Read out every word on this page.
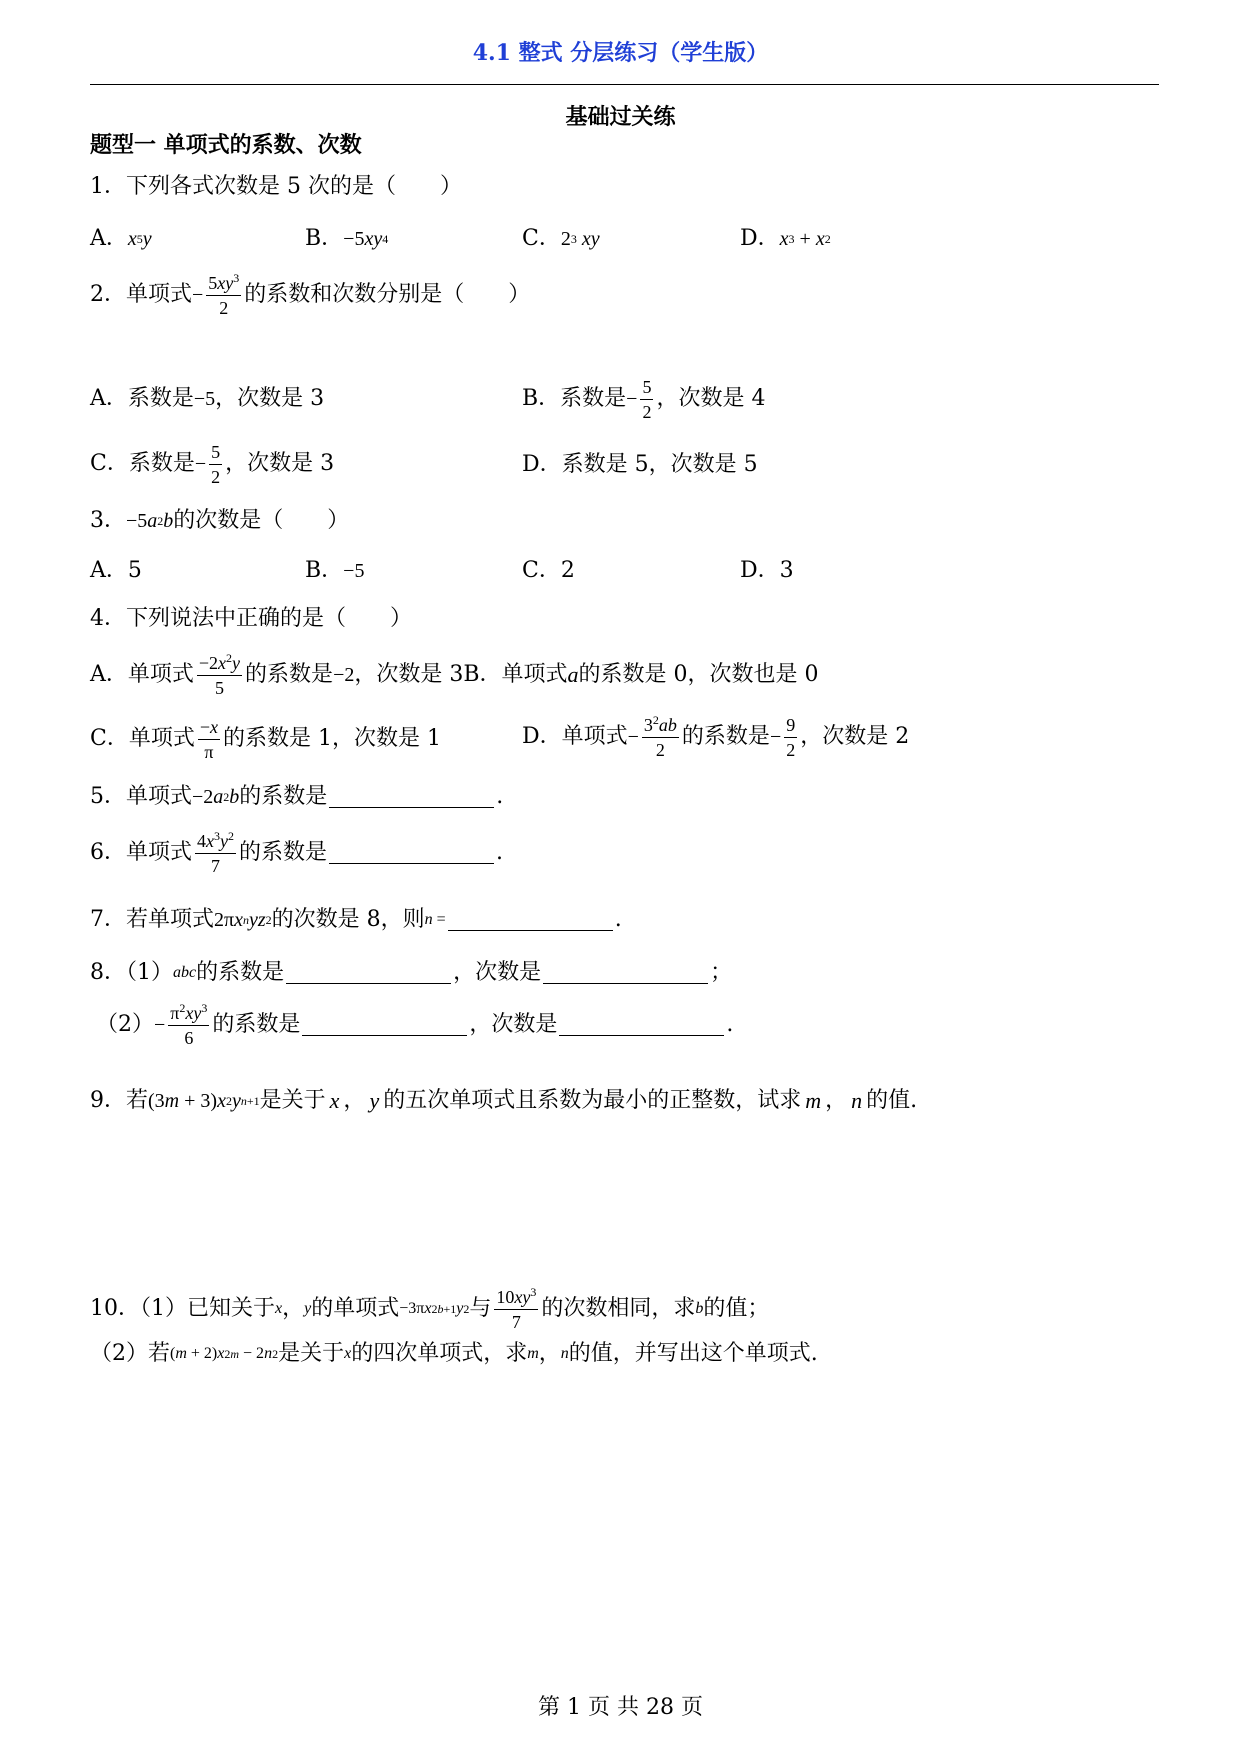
4.1 整式 分层练习（学生版）
基础过关练
题型一 单项式的系数、次数
1．下列各式次数是 5 次的是（　　）
A． x 5 y	B． −5 xy 4	C． 2 3
xy	D． x 3 + x 2
2．单项式 − $\frac{5xy^3}{2}$ 的系数和次数分别是（　　）
A．系数是 −5 ，次数是 3	B．系数是 − $\frac{5}{2}$ ，次数是 4
C．系数是 − $\frac{5}{2}$ ，次数是 3	D．系数是 5，次数是 5
3． −5 a 2 b 的次数是（　　）
A．5	B． −5	C．2	D．3
4．下列说法中正确的是（　　）
A．单项式 $\frac{-2x^2y}{5}$ 的系数是 −2 ，次数是 3B．单项式 a 的系数是 0，次数也是 0
C．单项式 $\frac{-x}{\pi}$ 的系数是 1，次数是 1	D．单项式 − $\frac{3^2ab}{2}$ 的系数是 − $\frac{9}{2}$ ，次数是 2
5．单项式 −2 a 2 b 的系数是	.
6．单项式 $\frac{4x^3y^2}{7}$ 的系数是	.
7．若单项式 2π x n yz 2 的次数是 8，则 n =	.
8．（1） abc 的系数是	，次数是	；
$(2) - \frac{\pi^2xy^3}{6}$ 的系数是	，次数是	.
9．若 (3 m + 3) x 2 y n+1 是关于 x ， y 的五次单项式且系数为最小的正整数，试求 m ， n 的值.
10．（1）已知关于 x ， y 的单项式 −3π x 2b+1 y 2 与 $\frac{10xy^3}{7}$ 的次数相同，求 b 的值；
（2）若 ( m + 2) x 2m − 2 n 2 是关于 x 的四次单项式，求 m ， n 的值，并写出这个单项式.
第 1 页 共 28 页
